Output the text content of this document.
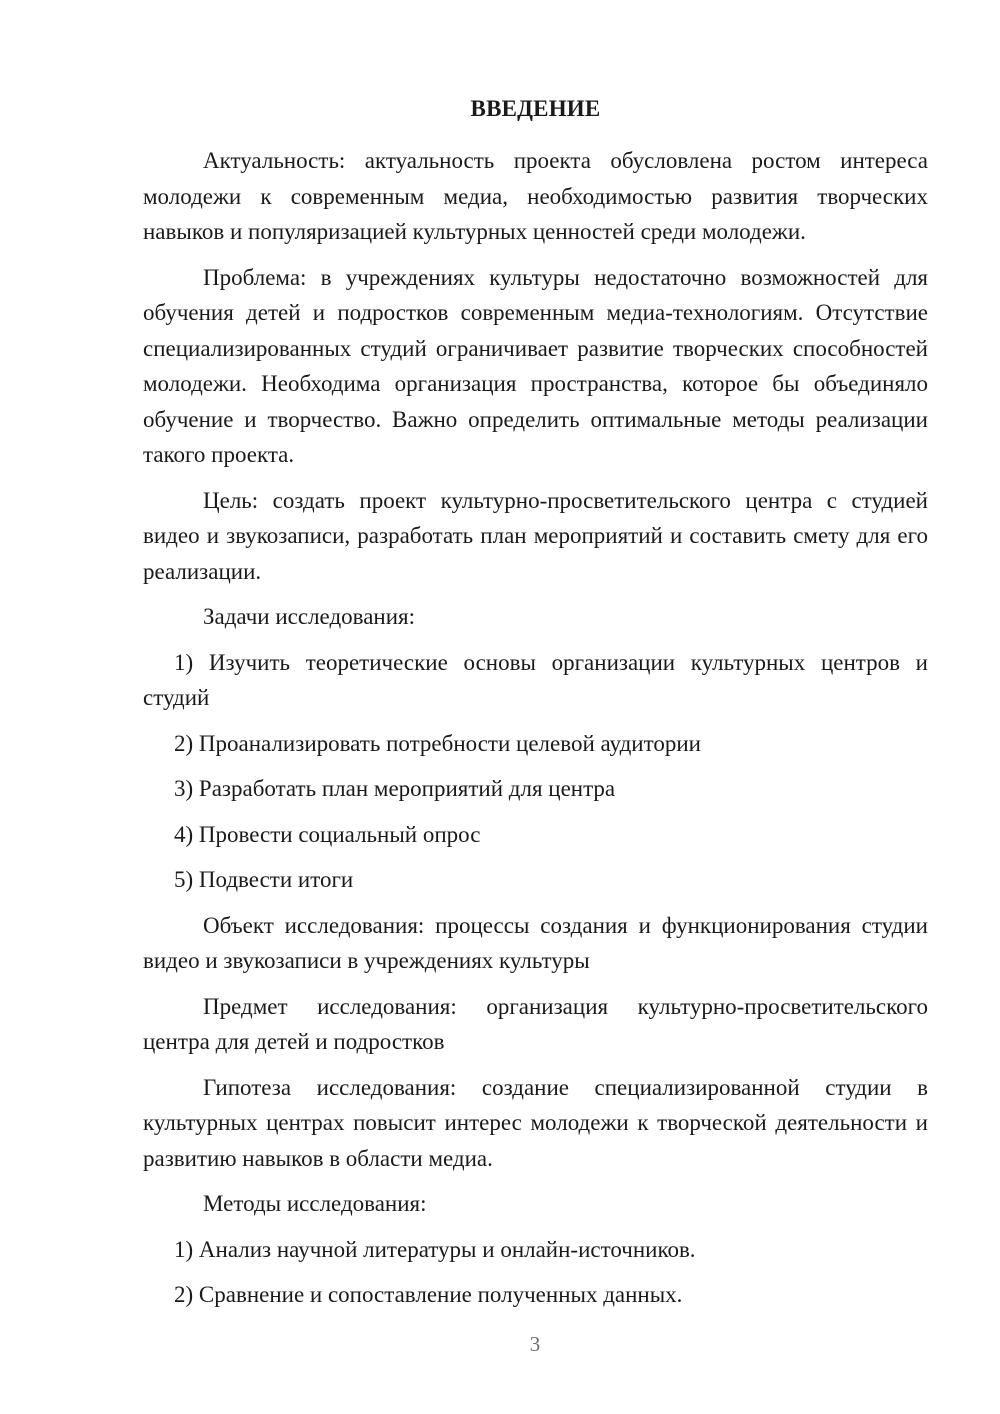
ВВЕДЕНИЕ

Актуальность: актуальность проекта обусловлена ростом интереса молодежи к современным медиа, необходимостью развития творческих навыков и популяризацией культурных ценностей среди молодежи.

Проблема: в учреждениях культуры недостаточно возможностей для обучения детей и подростков современным медиа-технологиям. Отсутствие специализированных студий ограничивает развитие творческих способностей молодежи. Необходима организация пространства, которое бы объединяло обучение и творчество. Важно определить оптимальные методы реализации такого проекта.

Цель: создать проект культурно-просветительского центра с студией видео и звукозаписи, разработать план мероприятий и составить смету для его реализации.

Задачи исследования:

1) Изучить теоретические основы организации культурных центров и студий

2) Проанализировать потребности целевой аудитории

3) Разработать план мероприятий для центра

4) Провести социальный опрос

5) Подвести итоги

Объект исследования: процессы создания и функционирования студии видео и звукозаписи в учреждениях культуры

Предмет исследования: организация культурно-просветительского центра для детей и подростков

Гипотеза исследования: создание специализированной студии в культурных центрах повысит интерес молодежи к творческой деятельности и развитию навыков в области медиа.

Методы исследования:

1) Анализ научной литературы и онлайн-источников.

2) Сравнение и сопоставление полученных данных.

3
